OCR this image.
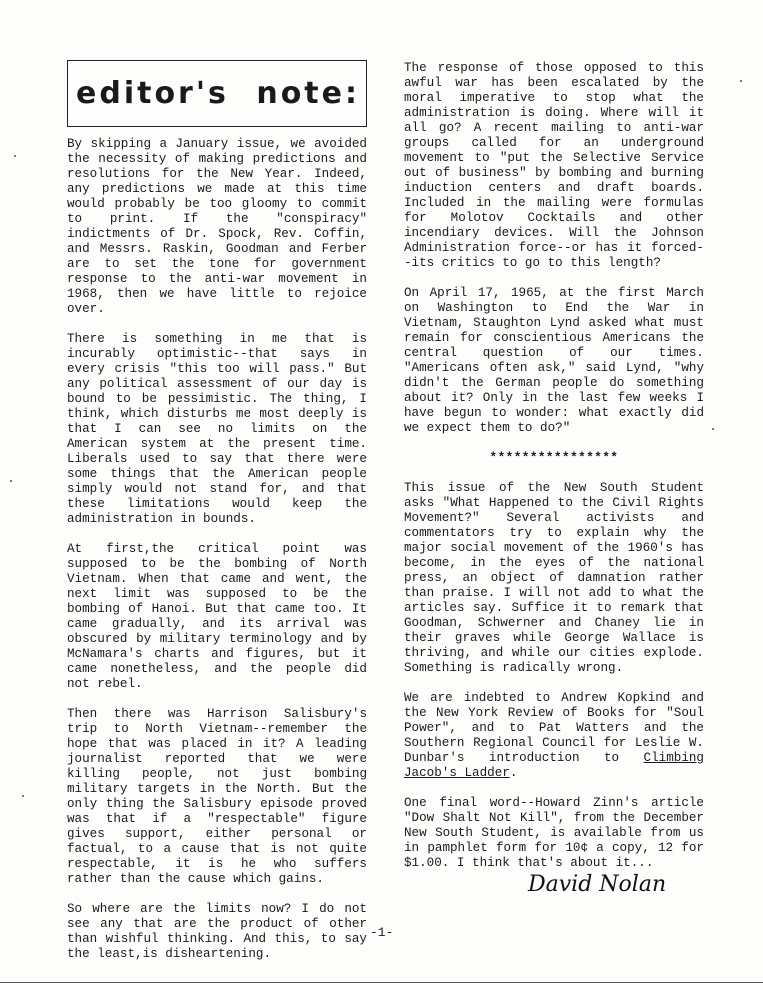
editor's note:

By skipping a January issue, we avoided the necessity of making predictions and resolutions for the New Year. Indeed, any predictions we made at this time would probably be too gloomy to commit to print. If the "conspiracy" indictments of Dr. Spock, Rev. Coffin, and Messrs. Raskin, Goodman and Ferber are to set the tone for government response to the anti-war movement in 1968, then we have little to rejoice over.

There is something in me that is incurably optimistic--that says in every crisis "this too will pass." But any political assessment of our day is bound to be pessimistic. The thing, I think, which disturbs me most deeply is that I can see no limits on the American system at the present time. Liberals used to say that there were some things that the American people simply would not stand for, and that these limitations would keep the administration in bounds.

At first,the critical point was supposed to be the bombing of North Vietnam. When that came and went, the next limit was supposed to be the bombing of Hanoi. But that came too. It came gradually, and its arrival was obscured by military terminology and by McNamara's charts and figures, but it came nonetheless, and the people did not rebel.

Then there was Harrison Salisbury's trip to North Vietnam--remember the hope that was placed in it? A leading journalist reported that we were killing people, not just bombing military targets in the North. But the only thing the Salisbury episode proved was that if a "respectable" figure gives support, either personal or factual, to a cause that is not quite respectable, it is he who suffers rather than the cause which gains.

So where are the limits now? I do not see any that are the product of other than wishful thinking. And this, to say the least,is disheartening.

The response of those opposed to this awful war has been escalated by the moral imperative to stop what the administration is doing. Where will it all go? A recent mailing to anti-war groups called for an underground movement to "put the Selective Service out of business" by bombing and burning induction centers and draft boards. Included in the mailing were formulas for Molotov Cocktails and other incendiary devices. Will the Johnson Administration force--or has it forced--its critics to go to this length?

On April 17, 1965, at the first March on Washington to End the War in Vietnam, Staughton Lynd asked what must remain for conscientious Americans the central question of our times. "Americans often ask," said Lynd, "why didn't the German people do something about it? Only in the last few weeks I have begun to wonder: what exactly did we expect them to do?"

****************

This issue of the New South Student asks "What Happened to the Civil Rights Movement?" Several activists and commentators try to explain why the major social movement of the 1960's has become, in the eyes of the national press, an object of damnation rather than praise. I will not add to what the articles say. Suffice it to remark that Goodman, Schwerner and Chaney lie in their graves while George Wallace is thriving, and while our cities explode. Something is radically wrong.

We are indebted to Andrew Kopkind and the New York Review of Books for "Soul Power", and to Pat Watters and the Southern Regional Council for Leslie W. Dunbar's introduction to Climbing Jacob's Ladder.

One final word--Howard Zinn's article "Dow Shalt Not Kill", from the December New South Student, is available from us in pamphlet form for 10¢ a copy, 12 for $1.00. I think that's about it...

David Nolan
-1-
